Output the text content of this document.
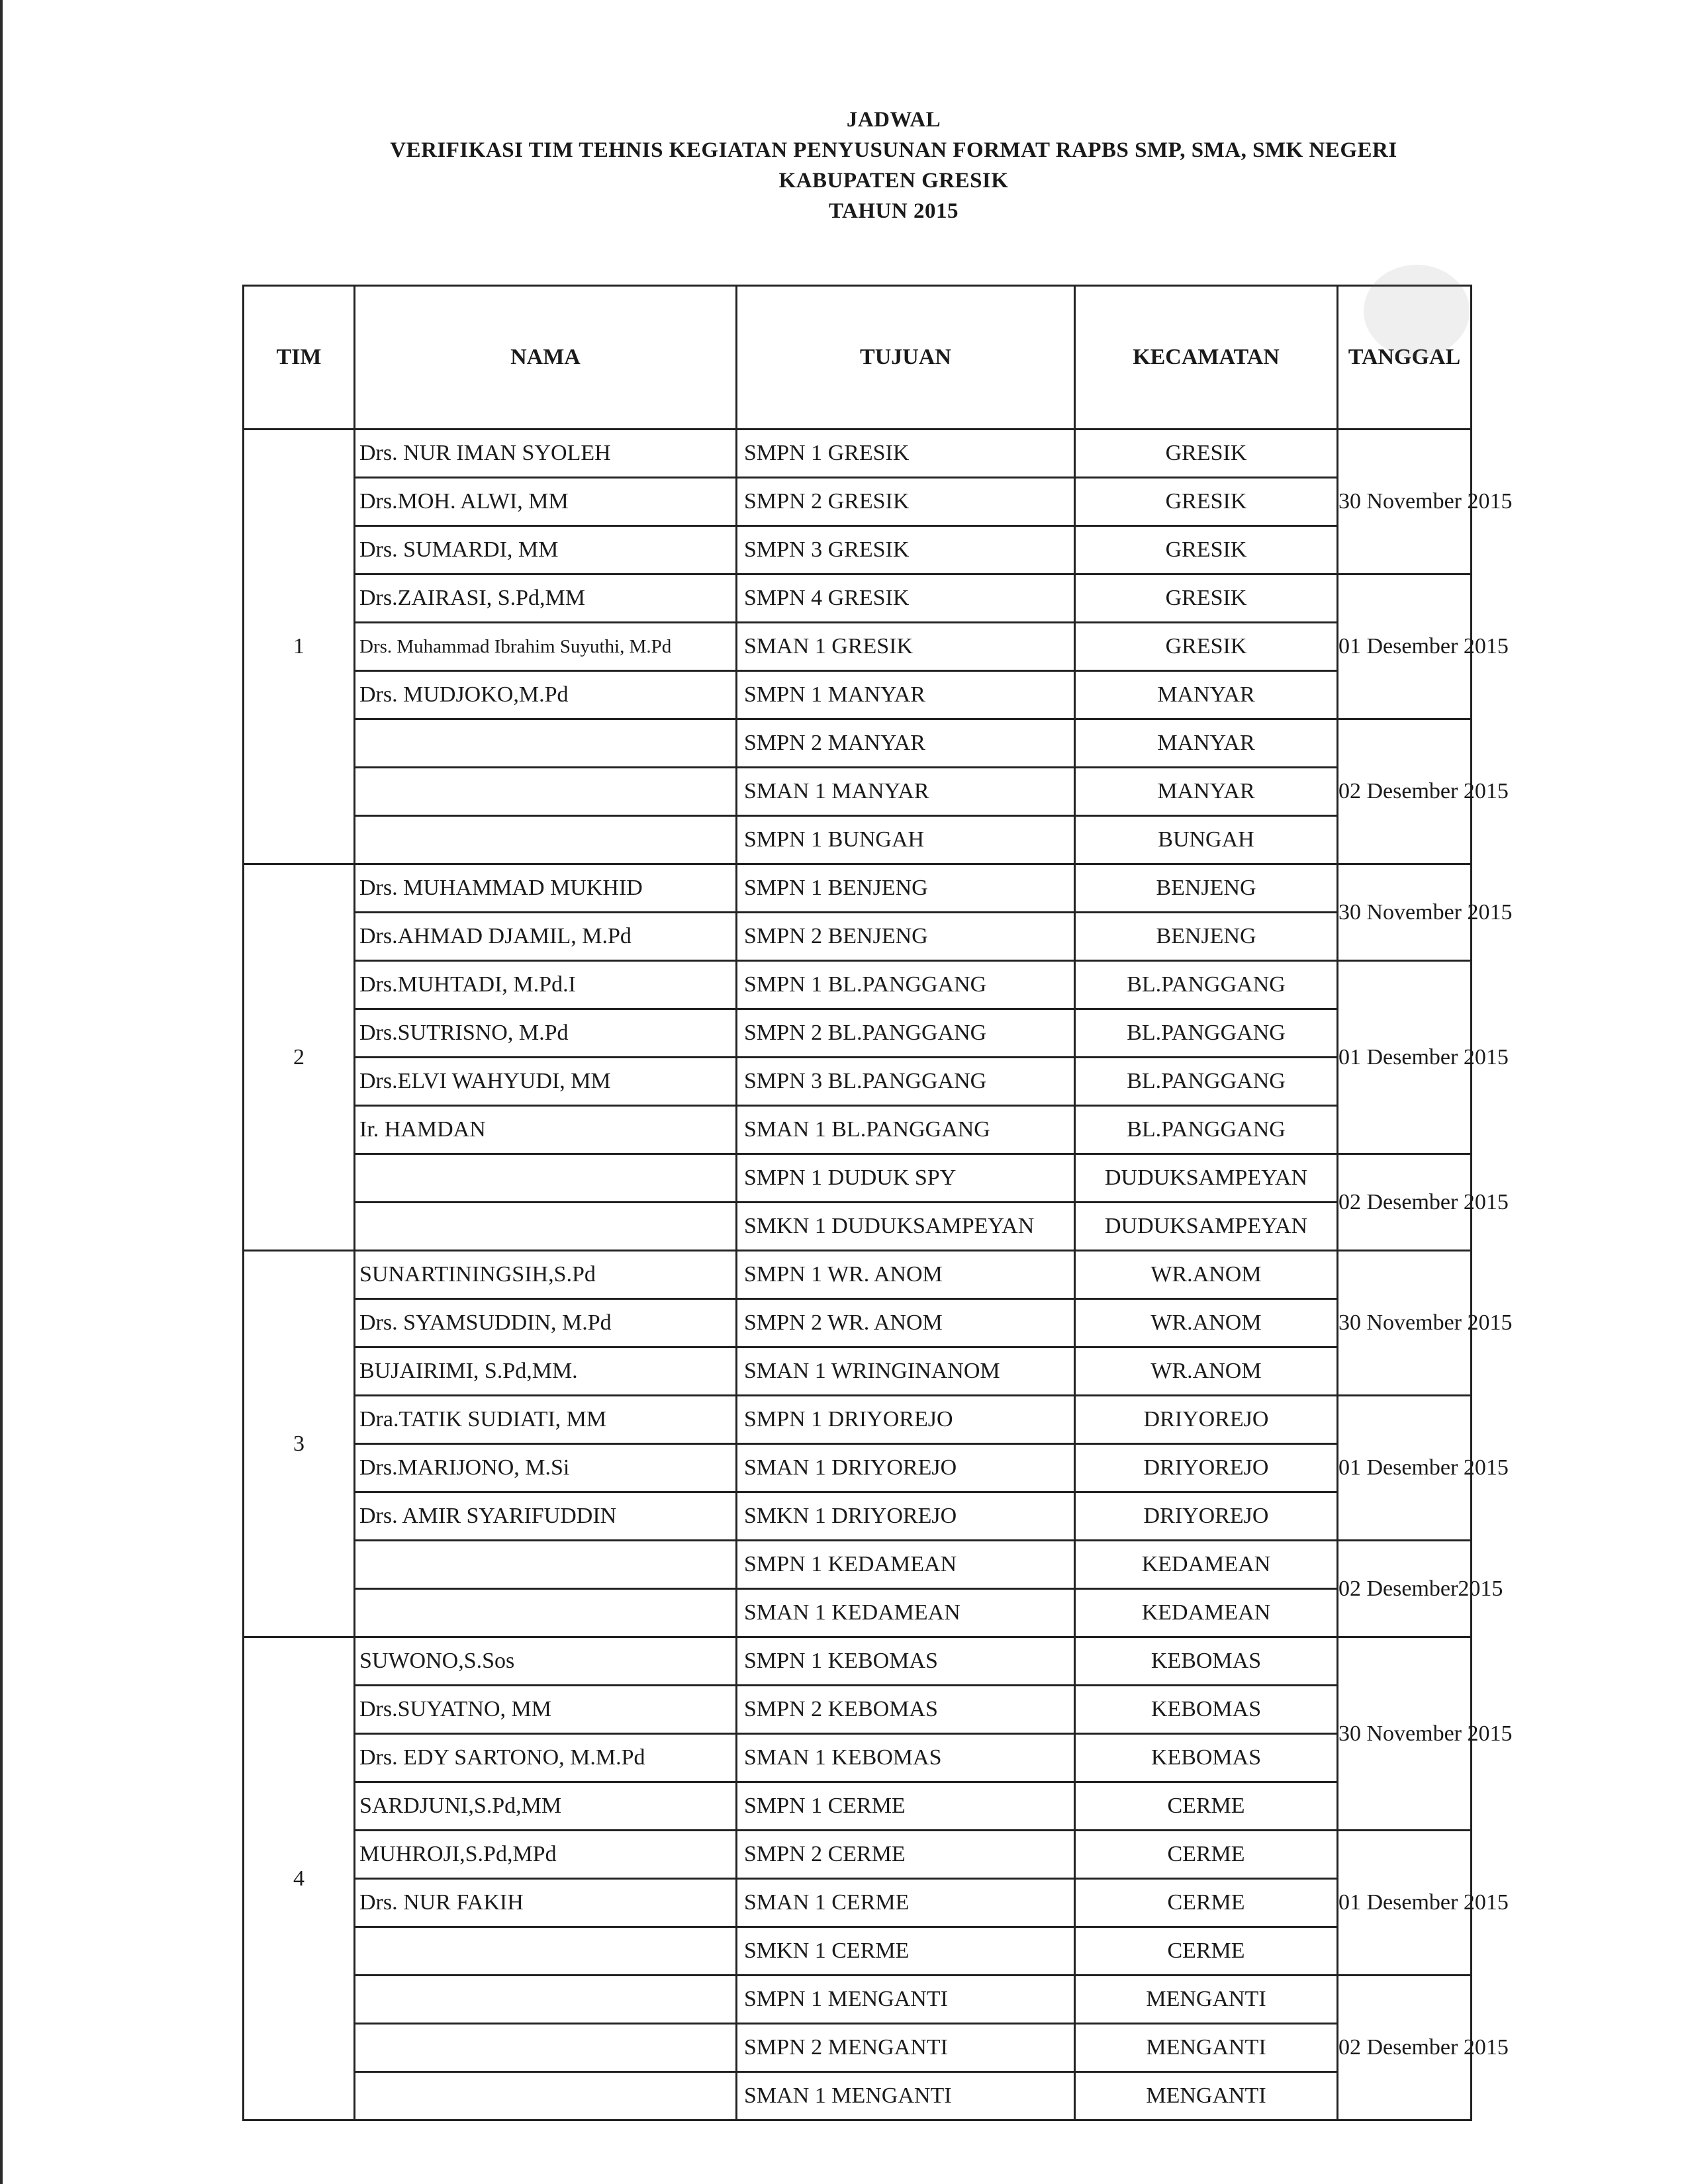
JADWAL
VERIFIKASI TIM TEHNIS KEGIATAN PENYUSUNAN FORMAT RAPBS SMP, SMA, SMK NEGERI
KABUPATEN GRESIK
TAHUN 2015
TIM	NAMA	TUJUAN	KECAMATAN	TANGGAL
1	Drs. NUR IMAN SYOLEH	SMPN 1 GRESIK	GRESIK	30 November 2015
	Drs.MOH. ALWI, MM	SMPN 2 GRESIK	GRESIK	
	Drs. SUMARDI, MM	SMPN 3 GRESIK	GRESIK	
	Drs.ZAIRASI, S.Pd,MM	SMPN 4 GRESIK	GRESIK	01 Desember 2015
	Drs. Muhammad Ibrahim Suyuthi, M.Pd	SMAN 1 GRESIK	GRESIK	
	Drs. MUDJOKO,M.Pd	SMPN 1 MANYAR	MANYAR	
		SMPN 2 MANYAR	MANYAR	02 Desember 2015
		SMAN 1 MANYAR	MANYAR	
		SMPN 1 BUNGAH	BUNGAH	
2	Drs. MUHAMMAD MUKHID	SMPN 1 BENJENG	BENJENG	30 November 2015
	Drs.AHMAD DJAMIL, M.Pd	SMPN 2 BENJENG	BENJENG	
	Drs.MUHTADI, M.Pd.I	SMPN 1 BL.PANGGANG	BL.PANGGANG	01 Desember 2015
	Drs.SUTRISNO, M.Pd	SMPN 2 BL.PANGGANG	BL.PANGGANG	
	Drs.ELVI WAHYUDI, MM	SMPN 3 BL.PANGGANG	BL.PANGGANG	
	Ir. HAMDAN	SMAN 1 BL.PANGGANG	BL.PANGGANG	
		SMPN 1 DUDUK SPY	DUDUKSAMPEYAN	02 Desember 2015
		SMKN 1 DUDUKSAMPEYAN	DUDUKSAMPEYAN	
3	SUNARTININGSIH,S.Pd	SMPN 1 WR. ANOM	WR.ANOM	30 November 2015
	Drs. SYAMSUDDIN, M.Pd	SMPN 2 WR. ANOM	WR.ANOM	
	BUJAIRIMI, S.Pd,MM.	SMAN 1 WRINGINANOM	WR.ANOM	
	Dra.TATIK SUDIATI, MM	SMPN 1 DRIYOREJO	DRIYOREJO	01 Desember 2015
	Drs.MARIJONO, M.Si	SMAN 1 DRIYOREJO	DRIYOREJO	
	Drs. AMIR SYARIFUDDIN	SMKN 1 DRIYOREJO	DRIYOREJO	
		SMPN 1 KEDAMEAN	KEDAMEAN	02 Desember2015
		SMAN 1 KEDAMEAN	KEDAMEAN	
4	SUWONO,S.Sos	SMPN 1 KEBOMAS	KEBOMAS	30 November 2015
	Drs.SUYATNO, MM	SMPN 2 KEBOMAS	KEBOMAS	
	Drs. EDY SARTONO, M.M.Pd	SMAN 1 KEBOMAS	KEBOMAS	
	SARDJUNI,S.Pd,MM	SMPN 1 CERME	CERME	
	MUHROJI,S.Pd,MPd	SMPN 2 CERME	CERME	01 Desember 2015
	Drs. NUR FAKIH	SMAN 1 CERME	CERME	
		SMKN 1 CERME	CERME	
		SMPN 1 MENGANTI	MENGANTI	02 Desember 2015
		SMPN 2 MENGANTI	MENGANTI	
		SMAN 1 MENGANTI	MENGANTI	
